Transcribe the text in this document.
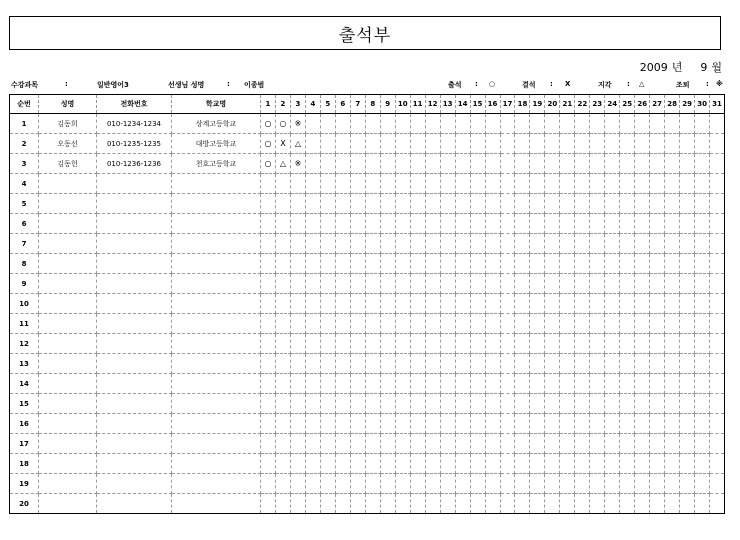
출석부
2009 년 9 월
수강과목	:	일반영어3	선생님 성명	: 이종범	출석 : ○	결석 : X	지각 : △	조퇴 : ※
순번	성명	전화번호	학교명	1	2	3	4	5	6	7	8	9	10	11	12	13	14	15	16	17	18	19	20	21	22	23	24	25	26	27	28	29	30	31
1	김동희	010-1234-1234	상계고등학교	○	○	※																												
2	오동선	010-1235-1235	대방고등학교	○	X	△																												
3	김동헌	010-1236-1236	천호고등학교	○	△	※																												
4																																		
5																																		
6																																		
7																																		
8																																		
9																																		
10																																		
11																																		
12																																		
13																																		
14																																		
15																																		
16																																		
17																																		
18																																		
19																																		
20																																		
